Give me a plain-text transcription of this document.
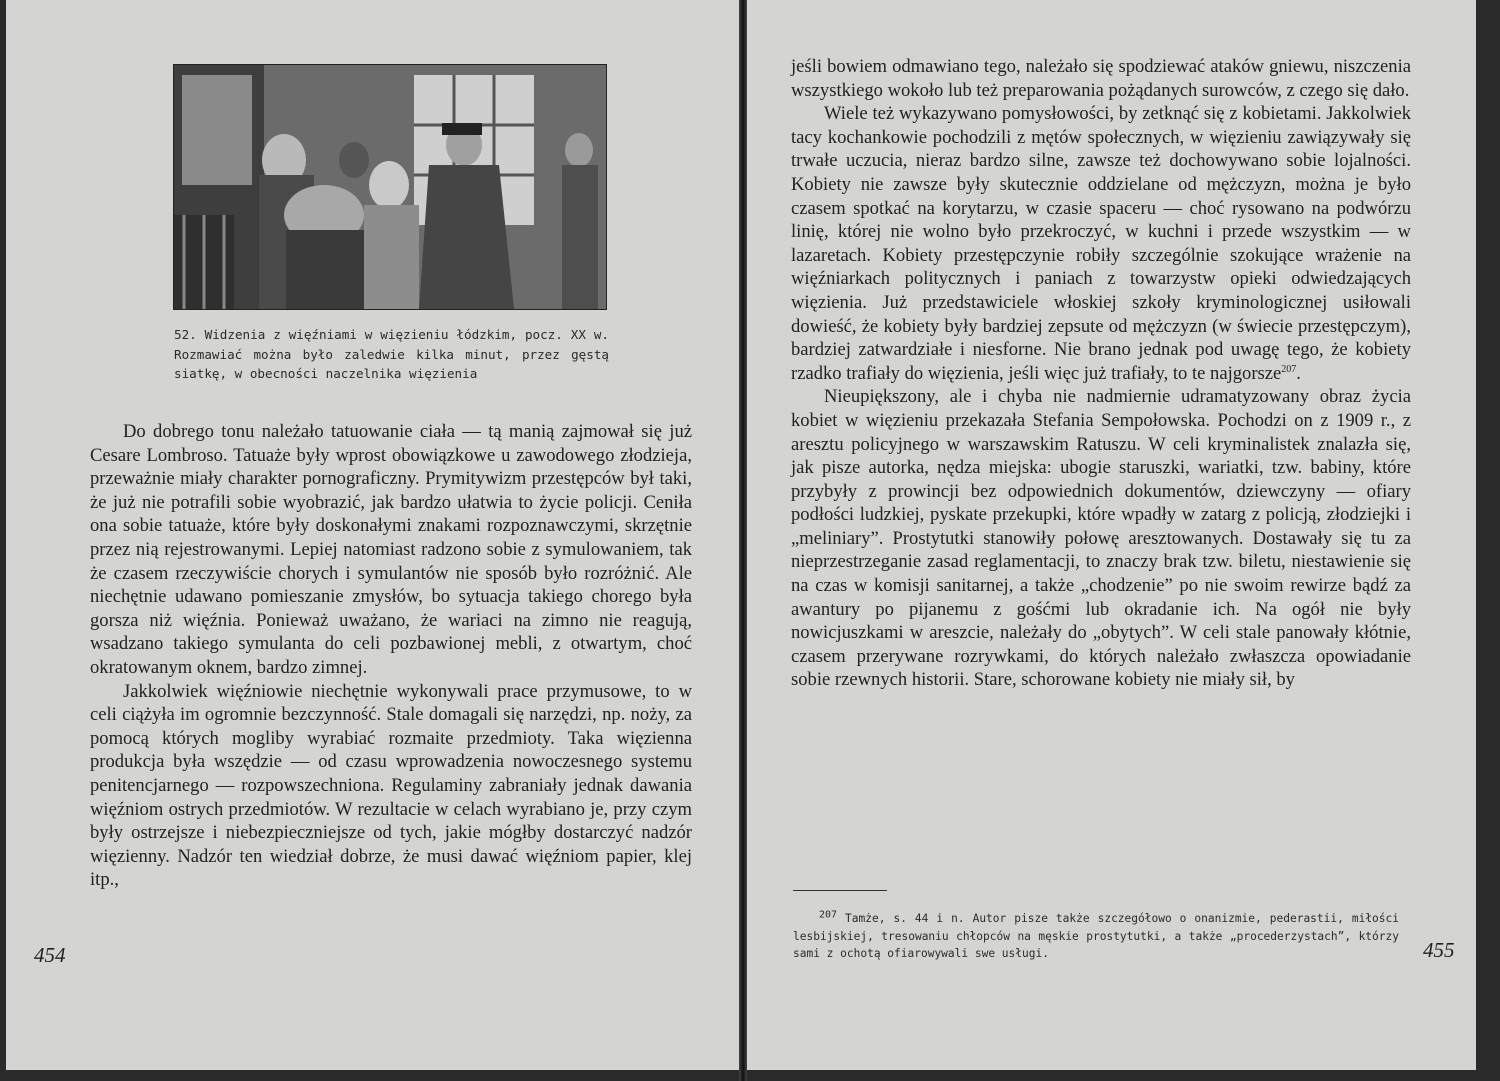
52. Widzenia z więźniami w więzieniu łódzkim, pocz. XX w. Rozmawiać można było zaledwie kilka minut, przez gęstą siatkę, w obecności naczelnika więzienia

Do dobrego tonu należało tatuowanie ciała — tą manią zajmował się już Cesare Lombroso. Tatuaże były wprost obowiązkowe u zawodowego złodzieja, przeważnie miały charakter pornograficzny. Prymitywizm przestępców był taki, że już nie potrafili sobie wyobrazić, jak bardzo ułatwia to życie policji. Ceniła ona sobie tatuaże, które były doskonałymi znakami rozpoznawczymi, skrzętnie przez nią rejestrowanymi. Lepiej natomiast radzono sobie z symulowaniem, tak że czasem rzeczywiście chorych i symulantów nie sposób było rozróżnić. Ale niechętnie udawano pomieszanie zmysłów, bo sytuacja takiego chorego była gorsza niż więźnia. Ponieważ uważano, że wariaci na zimno nie reagują, wsadzano takiego symulanta do celi pozbawionej mebli, z otwartym, choć okratowanym oknem, bardzo zimnej.

Jakkolwiek więźniowie niechętnie wykonywali prace przymusowe, to w celi ciążyła im ogromnie bezczynność. Stale domagali się narzędzi, np. noży, za pomocą których mogliby wyrabiać rozmaite przedmioty. Taka więzienna produkcja była wszędzie — od czasu wprowadzenia nowoczesnego systemu penitencjarnego — rozpowszechniona. Regulaminy zabraniały jednak dawania więźniom ostrych przedmiotów. W rezultacie w celach wyrabiano je, przy czym były ostrzejsze i niebezpieczniejsze od tych, jakie mógłby dostarczyć nadzór więzienny. Nadzór ten wiedział dobrze, że musi dawać więźniom papier, klej itp.,

454

jeśli bowiem odmawiano tego, należało się spodziewać ataków gniewu, niszczenia wszystkiego wokoło lub też preparowania pożądanych surowców, z czego się dało.

Wiele też wykazywano pomysłowości, by zetknąć się z kobietami. Jakkolwiek tacy kochankowie pochodzili z mętów społecznych, w więzieniu zawiązywały się trwałe uczucia, nieraz bardzo silne, zawsze też dochowywano sobie lojalności. Kobiety nie zawsze były skutecznie oddzielane od mężczyzn, można je było czasem spotkać na korytarzu, w czasie spaceru — choć rysowano na podwórzu linię, której nie wolno było przekroczyć, w kuchni i przede wszystkim — w lazaretach. Kobiety przestępczynie robiły szczególnie szokujące wrażenie na więźniarkach politycznych i paniach z towarzystw opieki odwiedzających więzienia. Już przedstawiciele włoskiej szkoły kryminologicznej usiłowali dowieść, że kobiety były bardziej zepsute od mężczyzn (w świecie przestępczym), bardziej zatwardziałe i niesforne. Nie brano jednak pod uwagę tego, że kobiety rzadko trafiały do więzienia, jeśli więc już trafiały, to te najgorsze$^{207}$.

Nieupiększony, ale i chyba nie nadmiernie udramatyzowany obraz życia kobiet w więzieniu przekazała Stefania Sempołowska. Pochodzi on z 1909 r., z aresztu policyjnego w warszawskim Ratuszu. W celi kryminalistek znalazła się, jak pisze autorka, nędza miejska: ubogie staruszki, wariatki, tzw. babiny, które przybyły z prowincji bez odpowiednich dokumentów, dziewczyny — ofiary podłości ludzkiej, pyskate przekupki, które wpadły w zatarg z policją, złodziejki i „meliniary”. Prostytutki stanowiły połowę aresztowanych. Dostawały się tu za nieprzestrzeganie zasad reglamentacji, to znaczy brak tzw. biletu, niestawienie się na czas w komisji sanitarnej, a także „chodzenie” po nie swoim rewirze bądź za awantury po pijanemu z gośćmi lub okradanie ich. Na ogół nie były nowicjuszkami w areszcie, należały do „obytych”. W celi stale panowały kłótnie, czasem przerywane rozrywkami, do których należało zwłaszcza opowiadanie sobie rzewnych historii. Stare, schorowane kobiety nie miały sił, by

$^{207}$ Tamże, s. 44 i n. Autor pisze także szczegółowo o onanizmie, pederastii, miłości lesbijskiej, tresowaniu chłopców na męskie prostytutki, a także „procederzystach”, którzy sami z ochotą ofiarowywali swe usługi.	455
